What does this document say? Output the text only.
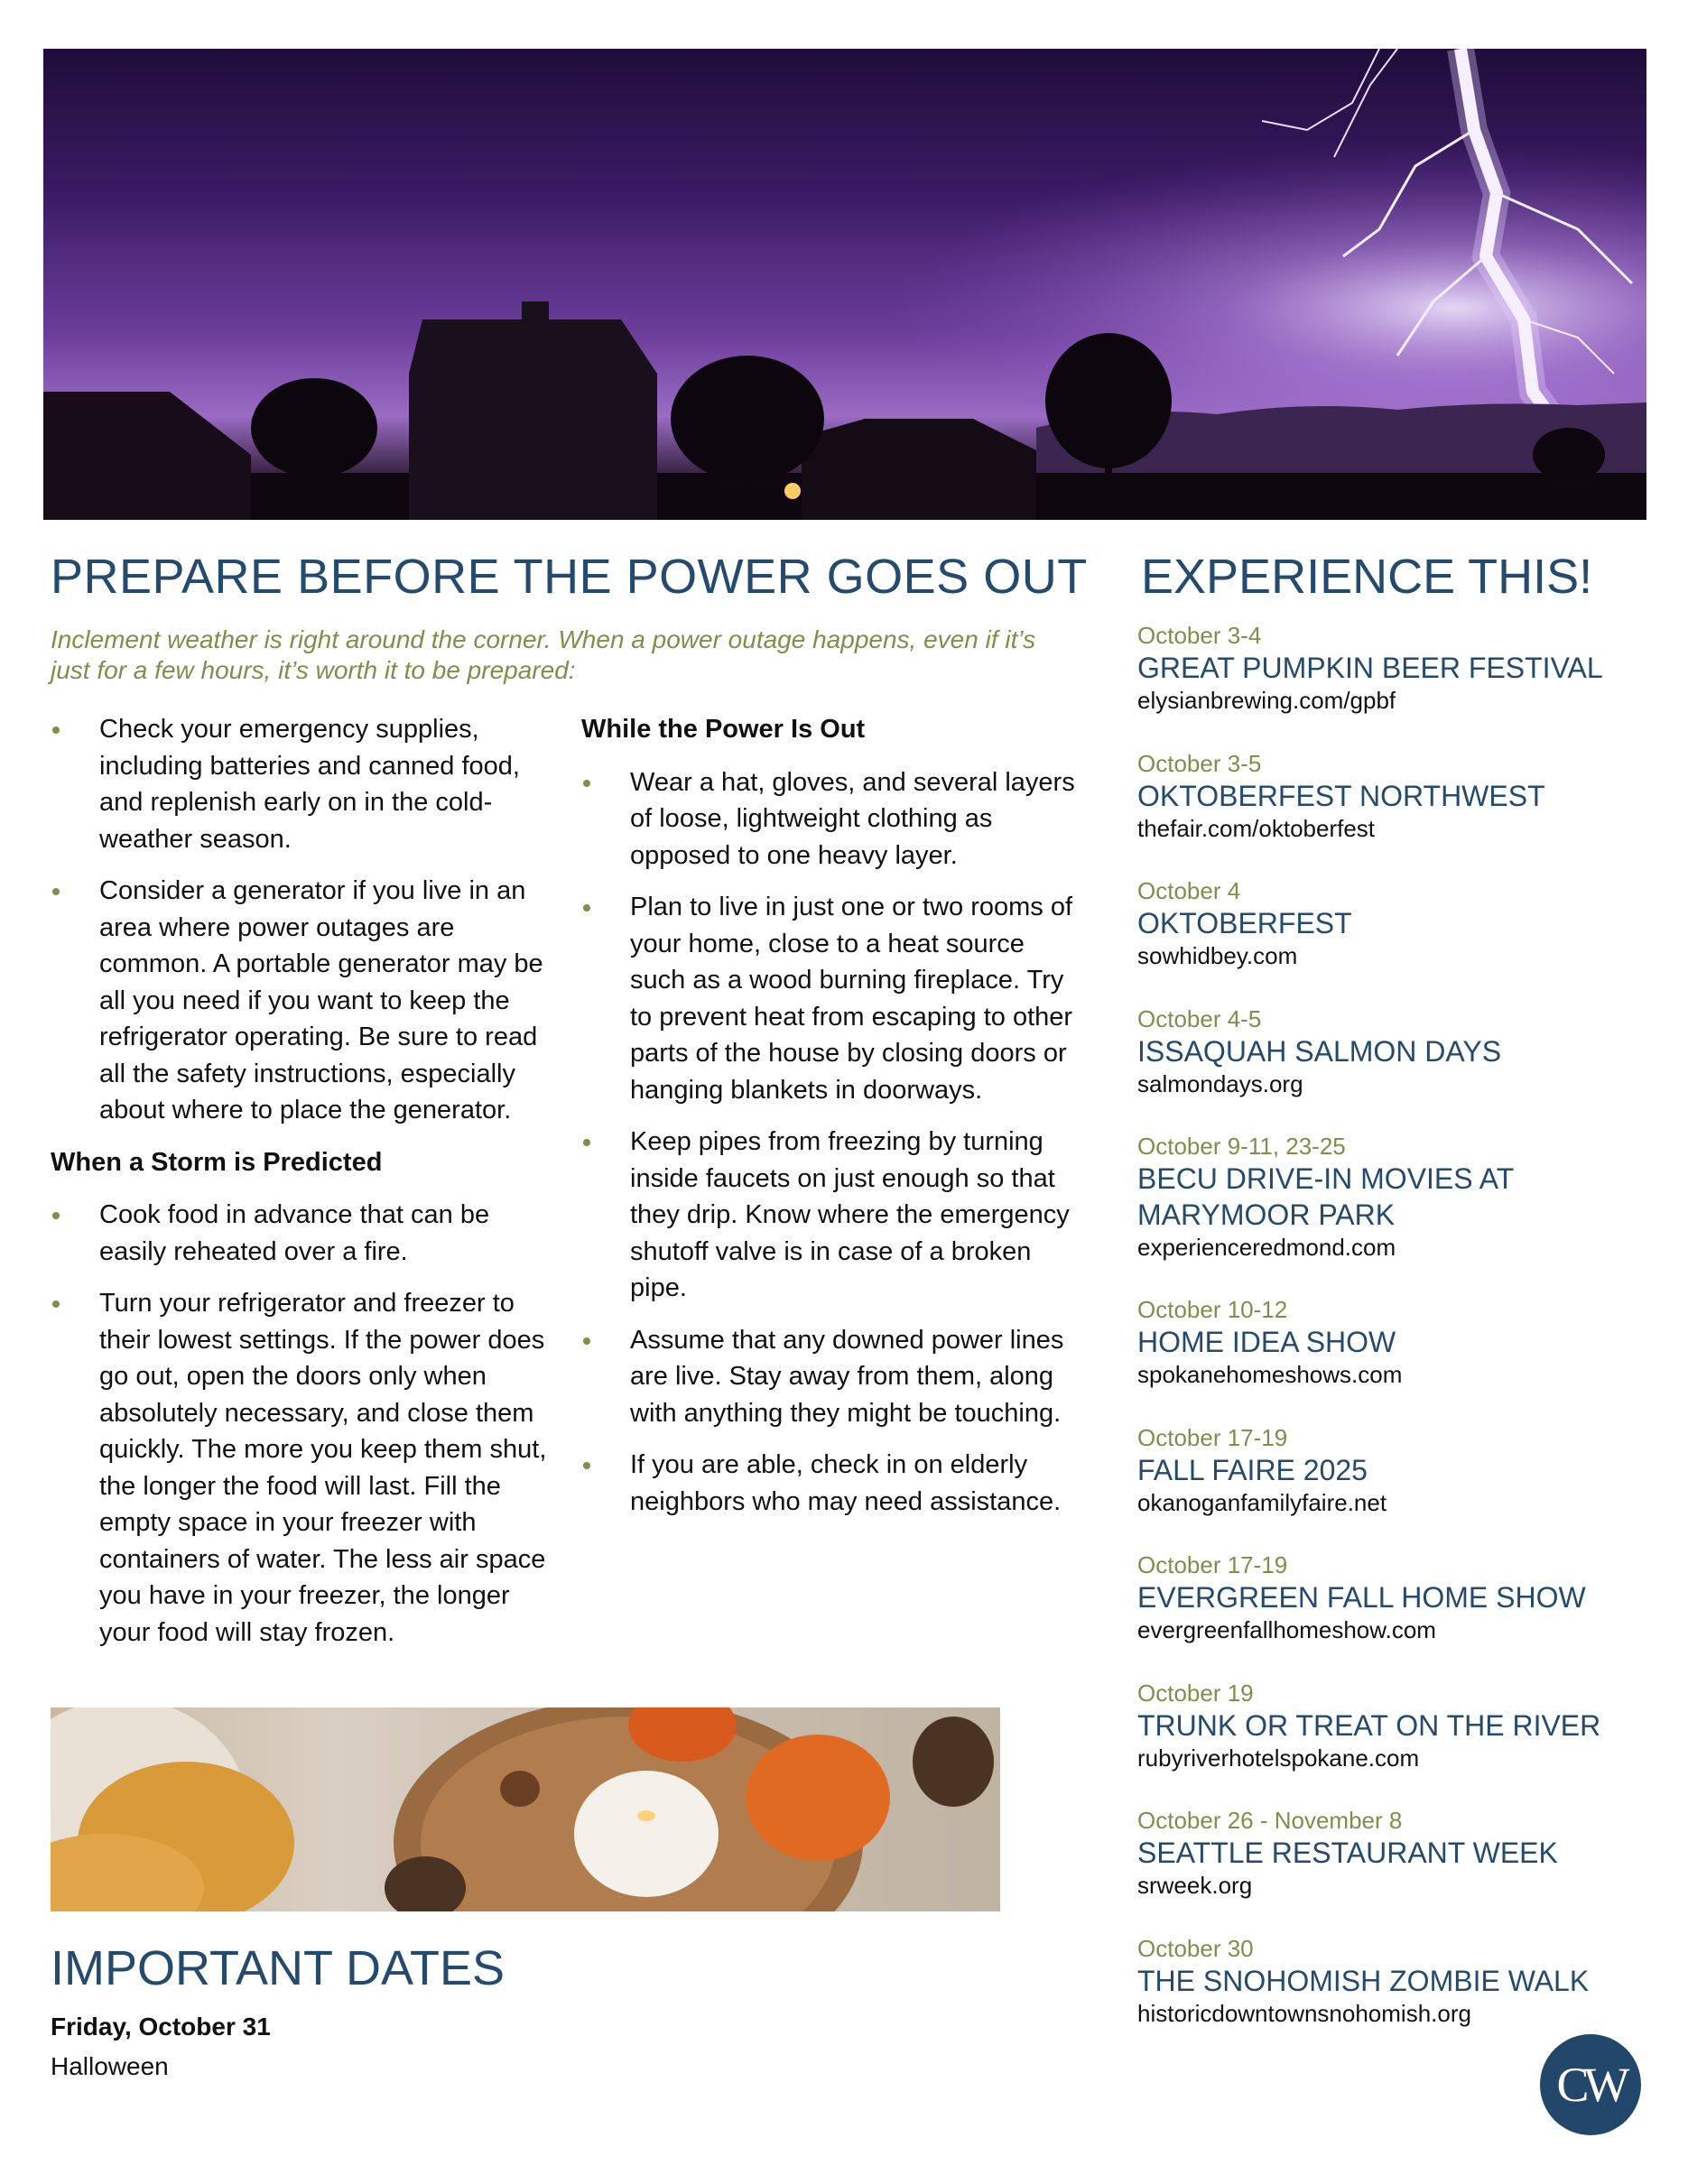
PREPARE BEFORE THE POWER GOES OUT EXPERIENCE THIS!

Inclement weather is right around the corner. When a power outage happens, even if it’s just for a few hours, it’s worth it to be prepared:

Check your emergency supplies, including batteries and canned food, and replenish early on in the cold-weather season.
Consider a generator if you live in an area where power outages are common. A portable generator may be all you need if you want to keep the refrigerator operating. Be sure to read all the safety instructions, especially about where to place the generator.
When a Storm is Predicted
Cook food in advance that can be easily reheated over a fire.
Turn your refrigerator and freezer to their lowest settings. If the power does go out, open the doors only when absolutely necessary, and close them quickly. The more you keep them shut, the longer the food will last. Fill the empty space in your freezer with containers of water. The less air space you have in your freezer, the longer your food will stay frozen.
While the Power Is Out
Wear a hat, gloves, and several layers of loose, lightweight clothing as opposed to one heavy layer.
Plan to live in just one or two rooms of your home, close to a heat source such as a wood burning fireplace. Try to prevent heat from escaping to other parts of the house by closing doors or hanging blankets in doorways.
Keep pipes from freezing by turning inside faucets on just enough so that they drip. Know where the emergency shutoff valve is in case of a broken pipe.
Assume that any downed power lines are live. Stay away from them, along with anything they might be touching.
If you are able, check in on elderly neighbors who may need assistance.
IMPORTANT DATES
Friday, October 31
Halloween
October 3-4
GREAT PUMPKIN BEER FESTIVAL
elysianbrewing.com/gpbf
October 3-5
OKTOBERFEST NORTHWEST
thefair.com/oktoberfest
October 4
OKTOBERFEST
sowhidbey.com
October 4-5
ISSAQUAH SALMON DAYS
salmondays.org
October 9-11, 23-25
BECU DRIVE-IN MOVIES AT MARYMOOR PARK
experienceredmond.com
October 10-12
HOME IDEA SHOW
spokanehomeshows.com
October 17-19
FALL FAIRE 2025
okanoganfamilyfaire.net
October 17-19
EVERGREEN FALL HOME SHOW
evergreenfallhomeshow.com
October 19
TRUNK OR TREAT ON THE RIVER
rubyriverhotelspokane.com
October 26 - November 8
SEATTLE RESTAURANT WEEK
srweek.org
October 30
THE SNOHOMISH ZOMBIE WALK
historicdowntownsnohomish.org
CW
